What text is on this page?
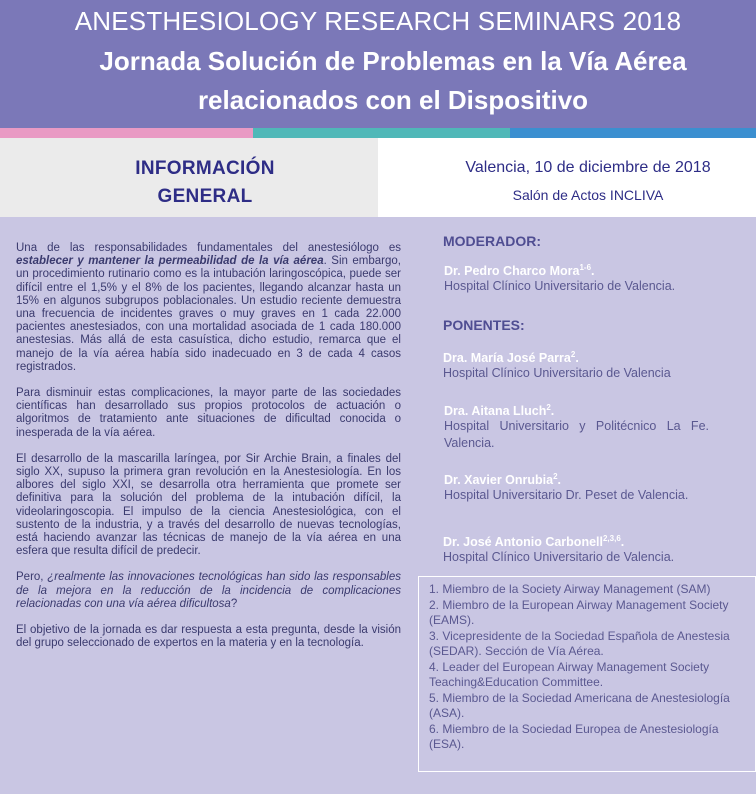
ANESTHESIOLOGY RESEARCH SEMINARS 2018
Jornada Solución de Problemas en la Vía Aérea
relacionados con el Dispositivo
INFORMACIÓN
GENERAL
Valencia, 10 de diciembre de 2018
Salón de Actos INCLIVA

Una de las responsabilidades fundamentales del anestesiólogo es establecer y mantener la permeabilidad de la vía aérea. Sin embargo, un procedimiento rutinario como es la intubación laringoscópica, puede ser difícil entre el 1,5% y el 8% de los pacientes, llegando alcanzar hasta un 15% en algunos subgrupos poblacionales. Un estudio reciente demuestra una frecuencia de incidentes graves o muy graves en 1 cada 22.000 pacientes anestesiados, con una mortalidad asociada de 1 cada 180.000 anestesias. Más allá de esta casuística, dicho estudio, remarca que el manejo de la vía aérea había sido inadecuado en 3 de cada 4 casos registrados.

Para disminuir estas complicaciones, la mayor parte de las sociedades científicas han desarrollado sus propios protocolos de actuación o algoritmos de tratamiento ante situaciones de dificultad conocida o inesperada de la vía aérea.

El desarrollo de la mascarilla laríngea, por Sir Archie Brain, a finales del siglo XX, supuso la primera gran revolución en la Anestesiología. En los albores del siglo XXI, se desarrolla otra herramienta que promete ser definitiva para la solución del problema de la intubación difícil, la videolaringoscopia. El impulso de la ciencia Anestesiológica, con el sustento de la industria, y a través del desarrollo de nuevas tecnologías, está haciendo avanzar las técnicas de manejo de la vía aérea en una esfera que resulta difícil de predecir.

Pero, ¿realmente las innovaciones tecnológicas han sido las responsables de la mejora en la reducción de la incidencia de complicaciones relacionadas con una vía aérea dificultosa?

El objetivo de la jornada es dar respuesta a esta pregunta, desde la visión del grupo seleccionado de expertos en la materia y en la tecnología.

MODERADOR:
Dr. Pedro Charco Mora$^{1-6}$.
Hospital Clínico Universitario de Valencia.
PONENTES:
Dra. María José Parra$^2$.
Hospital Clínico Universitario de Valencia
Dra. Aitana Lluch$^2$.
Hospital Universitario y Politécnico La Fe. Valencia.
Dr. Xavier Onrubia$^2$.
Hospital Universitario Dr. Peset de Valencia.
Dr. José Antonio Carbonell$^{2,3,6}$.
Hospital Clínico Universitario de Valencia.
1. Miembro de la Society Airway Management (SAM)
2. Miembro de la European Airway Management Society (EAMS).
3. Vicepresidente de la Sociedad Española de Anestesia (SEDAR). Sección de Vía Aérea.
4. Leader del European Airway Management Society Teaching&Education Committee.
5. Miembro de la Sociedad Americana de Anestesiología (ASA).
6. Miembro de la Sociedad Europea de Anestesiología (ESA).
